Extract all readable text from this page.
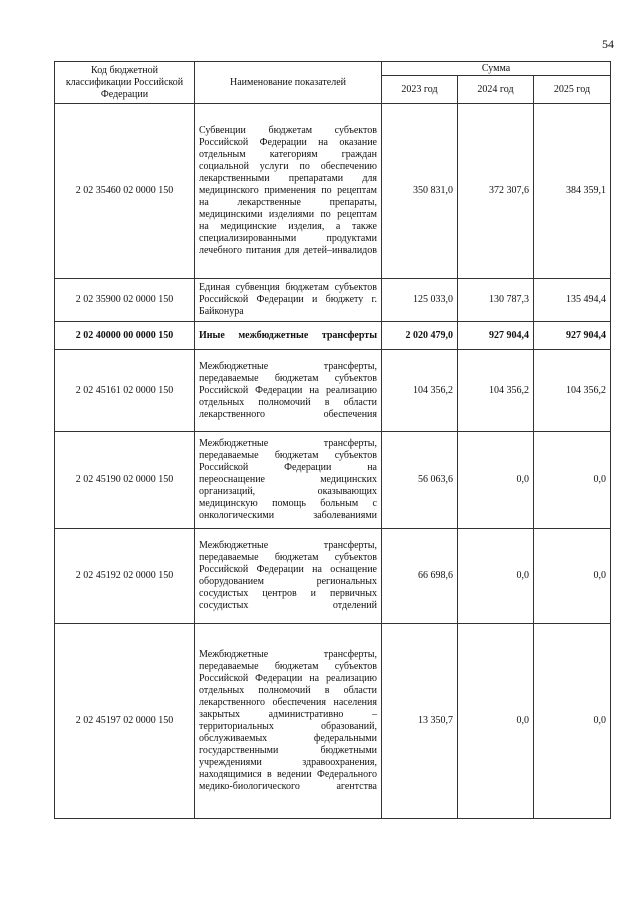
54
Код бюджетной классификации Российской Федерации	Наименование показателей	Сумма		
		2023 год	2024 год	2025 год
2 02 35460 02 0000 150	Субвенции бюджетам субъектов Российской Федерации на оказание отдельным категориям граждан социальной услуги по обеспечению лекарственными препаратами для медицинского применения по рецептам на лекарственные препараты, медицинскими изделиями по рецептам на медицинские изделия, а также специализированными продуктами лечебного питания для детей–инвалидов	350 831,0	372 307,6	384 359,1
2 02 35900 02 0000 150	Единая субвенция бюджетам субъектов Российской Федерации и бюджету г. Байконура	125 033,0	130 787,3	135 494,4
2 02 40000 00 0000 150	Иные межбюджетные трансферты	2 020 479,0	927 904,4	927 904,4
2 02 45161 02 0000 150	Межбюджетные трансферты, передаваемые бюджетам субъектов Российской Федерации на реализацию отдельных полномочий в области лекарственного обеспечения	104 356,2	104 356,2	104 356,2
2 02 45190 02 0000 150	Межбюджетные трансферты, передаваемые бюджетам субъектов Российской Федерации на переоснащение медицинских организаций, оказывающих медицинскую помощь больным с онкологическими заболеваниями	56 063,6	0,0	0,0
2 02 45192 02 0000 150	Межбюджетные трансферты, передаваемые бюджетам субъектов Российской Федерации на оснащение оборудованием региональных сосудистых центров и первичных сосудистых отделений	66 698,6	0,0	0,0
2 02 45197 02 0000 150	Межбюджетные трансферты, передаваемые бюджетам субъектов Российской Федерации на реализацию отдельных полномочий в области лекарственного обеспечения населения закрытых административно – территориальных образований, обслуживаемых федеральными государственными бюджетными учреждениями здравоохранения, находящимися в ведении Федерального медико-биологического агентства	13 350,7	0,0	0,0
